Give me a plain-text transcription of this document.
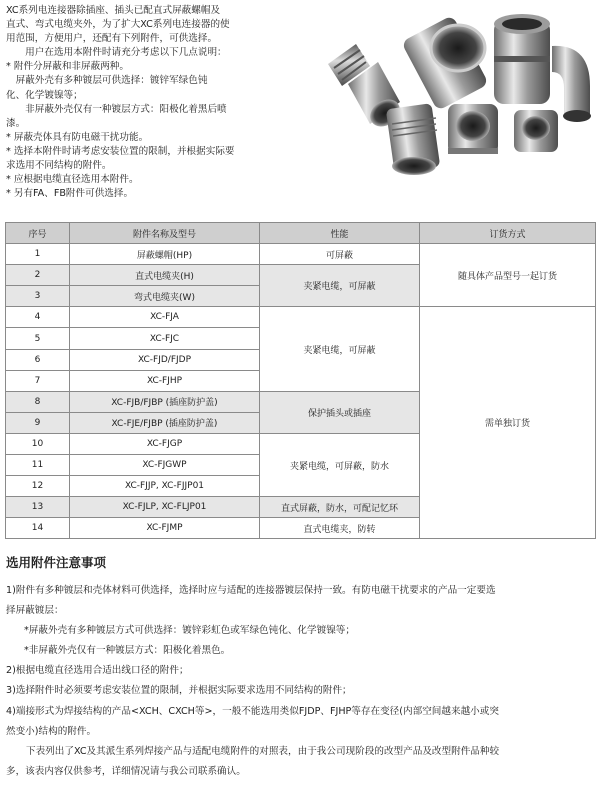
XC系列电连接器除插座、插头已配直式屏蔽螺帽及

直式、弯式电缆夹外，为了扩大XC系列电连接器的使

用范围，方便用户，还配有下列附件，可供选择。

　　用户在选用本附件时请充分考虑以下几点说明：

* 附件分屏蔽和非屏蔽两种。

　屏蔽外壳有多种镀层可供选择：镀锌军绿色钝

化、化学镀镍等；

　　非屏蔽外壳仅有一种镀层方式：阳极化着黑后喷

漆。

* 屏蔽壳体具有防电磁干扰功能。

* 选择本附件时请考虑安装位置的限制，并根据实际要

求选用不同结构的附件。

* 应根据电缆直径选用本附件。

* 另有FA、FB附件可供选择。

序号	附件名称及型号	性能	订货方式
1	屏蔽螺帽(HP)	可屏蔽	随具体产品型号一起订货
2	直式电缆夹(H)	夹紧电缆，可屏蔽	
3	弯式电缆夹(W)		
4	XC-FJA	夹紧电缆，可屏蔽	需单独订货
5	XC-FJC		
6	XC-FJD/FJDP		
7	XC-FJHP		
8	XC-FJB/FJBP (插座防护盖)	保护插头或插座	
9	XC-FJE/FJBP (插座防护盖)		
10	XC-FJGP	夹紧电缆，可屏蔽，防水	
11	XC-FJGWP		
12	XC-FJJP, XC-FJJP01		
13	XC-FJLP, XC-FLJP01	直式屏蔽，防水，可配记忆环	
14	XC-FJMP	直式电缆夹，防转	
选用附件注意事项

1)附件有多种镀层和壳体材料可供选择，选择时应与适配的连接器镀层保持一致。有防电磁干扰要求的产品一定要选

择屏蔽镀层：

*屏蔽外壳有多种镀层方式可供选择：镀锌彩虹色或军绿色钝化、化学镀镍等；

*非屏蔽外壳仅有一种镀层方式：阳极化着黑色。

2)根据电缆直径选用合适出线口径的附件；

3)选择附件时必须要考虑安装位置的限制，并根据实际要求选用不同结构的附件；

4)端接形式为焊接结构的产品<XCH、CXCH等>，一般不能选用类似FJDP、FJHP等存在变径(内部空间越来越小或突

然变小)结构的附件。

下表列出了XC及其派生系列焊接产品与适配电缆附件的对照表，由于我公司现阶段的改型产品及改型附件品种较

多，该表内容仅供参考，详细情况请与我公司联系确认。
